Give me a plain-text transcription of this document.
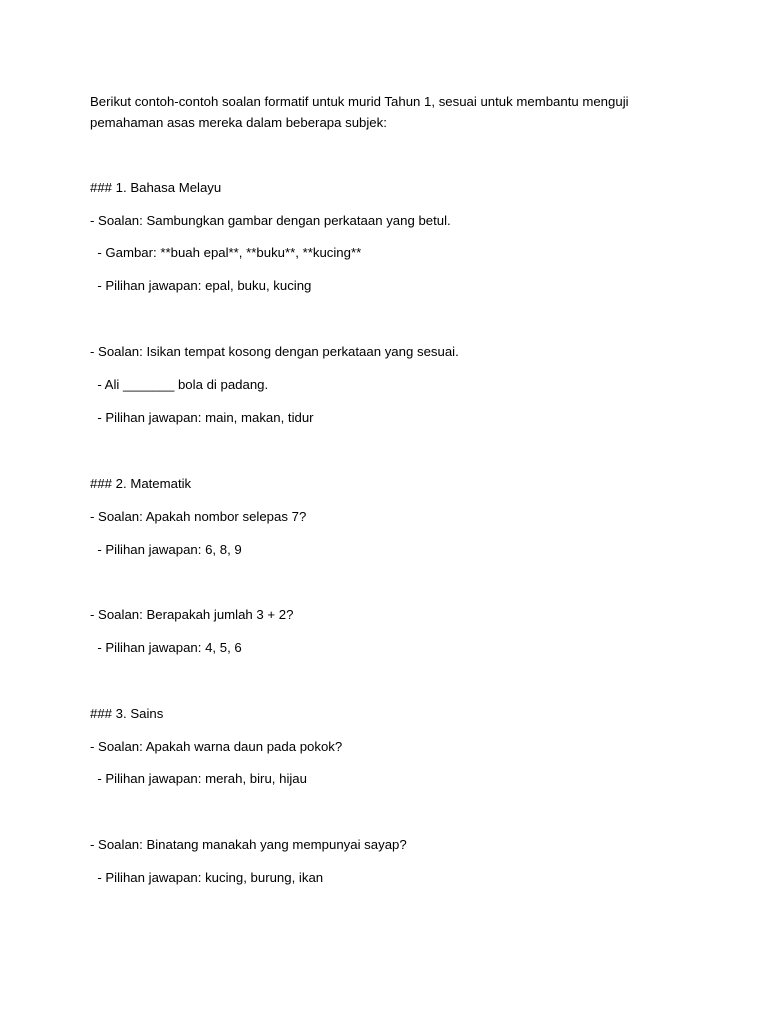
Berikut contoh-contoh soalan formatif untuk murid Tahun 1, sesuai untuk membantu menguji
pemahaman asas mereka dalam beberapa subjek:
### 1. Bahasa Melayu
- Soalan: Sambungkan gambar dengan perkataan yang betul.
- Gambar: **buah epal**, **buku**, **kucing**
- Pilihan jawapan: epal, buku, kucing
- Soalan: Isikan tempat kosong dengan perkataan yang sesuai.
- Ali _______ bola di padang.
- Pilihan jawapan: main, makan, tidur
### 2. Matematik
- Soalan: Apakah nombor selepas 7?
- Pilihan jawapan: 6, 8, 9
- Soalan: Berapakah jumlah 3 + 2?
- Pilihan jawapan: 4, 5, 6
### 3. Sains
- Soalan: Apakah warna daun pada pokok?
- Pilihan jawapan: merah, biru, hijau
- Soalan: Binatang manakah yang mempunyai sayap?
- Pilihan jawapan: kucing, burung, ikan
